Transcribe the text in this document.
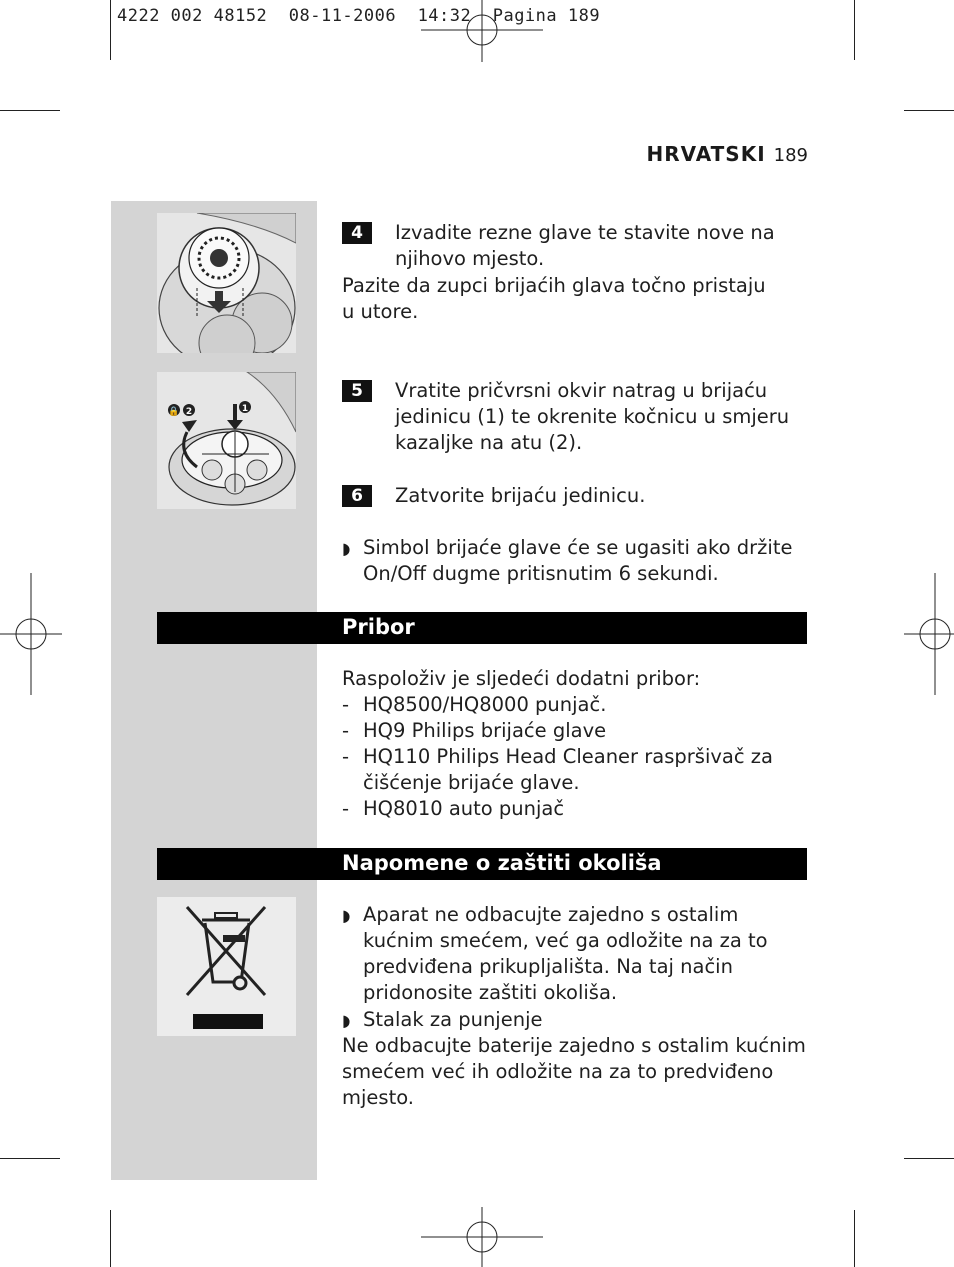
4222 002 48152  08-11-2006  14:32  Pagina 189
HRVATSKI 189
🔒 2	1
4	Izvadite rezne glave te stavite nove na njihovo mjesto.
Pazite da zupci brijaćih glava točno pristaju u utore.
5	Vratite pričvrsni okvir natrag u brijaću jedinicu (1) te okrenite kočnicu u smjeru kazaljke na atu (2).
6	Zatvorite brijaću jedinicu.
◗ Simbol brijaće glave će se ugasiti ako držite On/Off dugme pritisnutim 6 sekundi.
Pribor
Raspoloživ je sljedeći dodatni pribor:
- HQ8500/HQ8000 punjač.
- HQ9 Philips brijaće glave
- HQ110 Philips Head Cleaner raspršivač za čišćenje brijaće glave.
- HQ8010 auto punjač
Napomene o zaštiti okoliša
◗ Aparat ne odbacujte zajedno s ostalim kućnim smećem, već ga odložite na za to predviđena prikupljališta. Na taj način pridonosite zaštiti okoliša.
◗ Stalak za punjenje
Ne odbacujte baterije zajedno s ostalim kućnim smećem već ih odložite na za to predviđeno mjesto.
